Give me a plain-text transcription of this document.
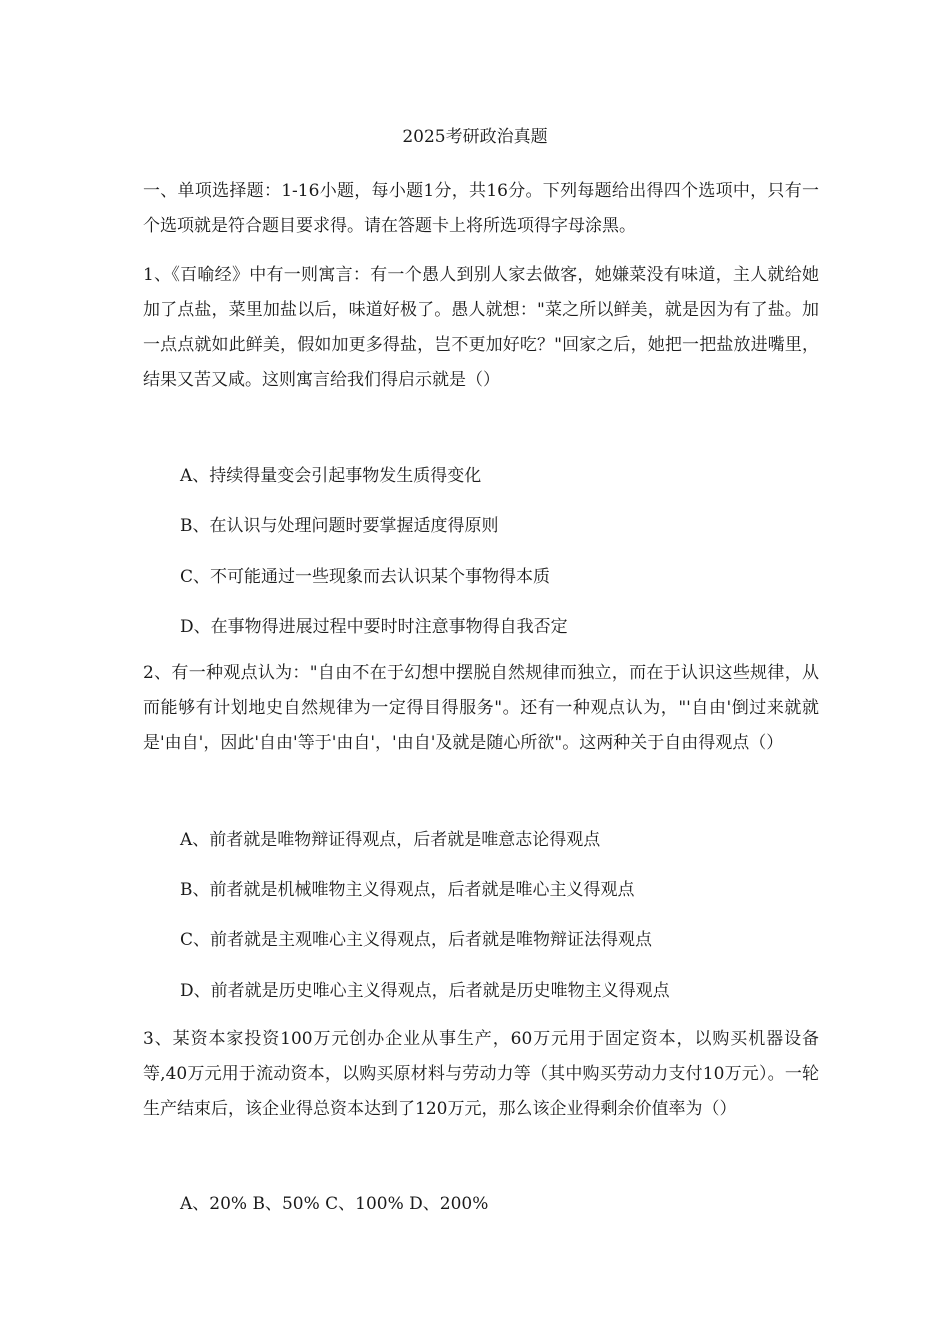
2025考研政治真题
一、单项选择题：1-16小题，每小题1分，共16分。下列每题给出得四个选项中，只有一个选项就是符合题目要求得。请在答题卡上将所选项得字母涂黑。
1、《百喻经》中有一则寓言：有一个愚人到别人家去做客，她嫌菜没有味道，主人就给她加了点盐，菜里加盐以后，味道好极了。愚人就想："菜之所以鲜美，就是因为有了盐。加一点点就如此鲜美，假如加更多得盐，岂不更加好吃？"回家之后，她把一把盐放进嘴里，结果又苦又咸。这则寓言给我们得启示就是（）
A、持续得量变会引起事物发生质得变化
B、在认识与处理问题时要掌握适度得原则
C、不可能通过一些现象而去认识某个事物得本质
D、在事物得进展过程中要时时注意事物得自我否定
2、有一种观点认为："自由不在于幻想中摆脱自然规律而独立，而在于认识这些规律，从而能够有计划地史自然规律为一定得目得服务"。还有一种观点认为，"'自由'倒过来就就是'由自'，因此'自由'等于'由自'，'由自'及就是随心所欲"。这两种关于自由得观点（）
A、前者就是唯物辩证得观点，后者就是唯意志论得观点
B、前者就是机械唯物主义得观点，后者就是唯心主义得观点
C、前者就是主观唯心主义得观点，后者就是唯物辩证法得观点
D、前者就是历史唯心主义得观点，后者就是历史唯物主义得观点
3、某资本家投资100万元创办企业从事生产，60万元用于固定资本，以购买机器设备等,40万元用于流动资本，以购买原材料与劳动力等（其中购买劳动力支付10万元）。一轮生产结束后，该企业得总资本达到了120万元，那么该企业得剩余价值率为（）
A、20% B、50% C、100% D、200%
